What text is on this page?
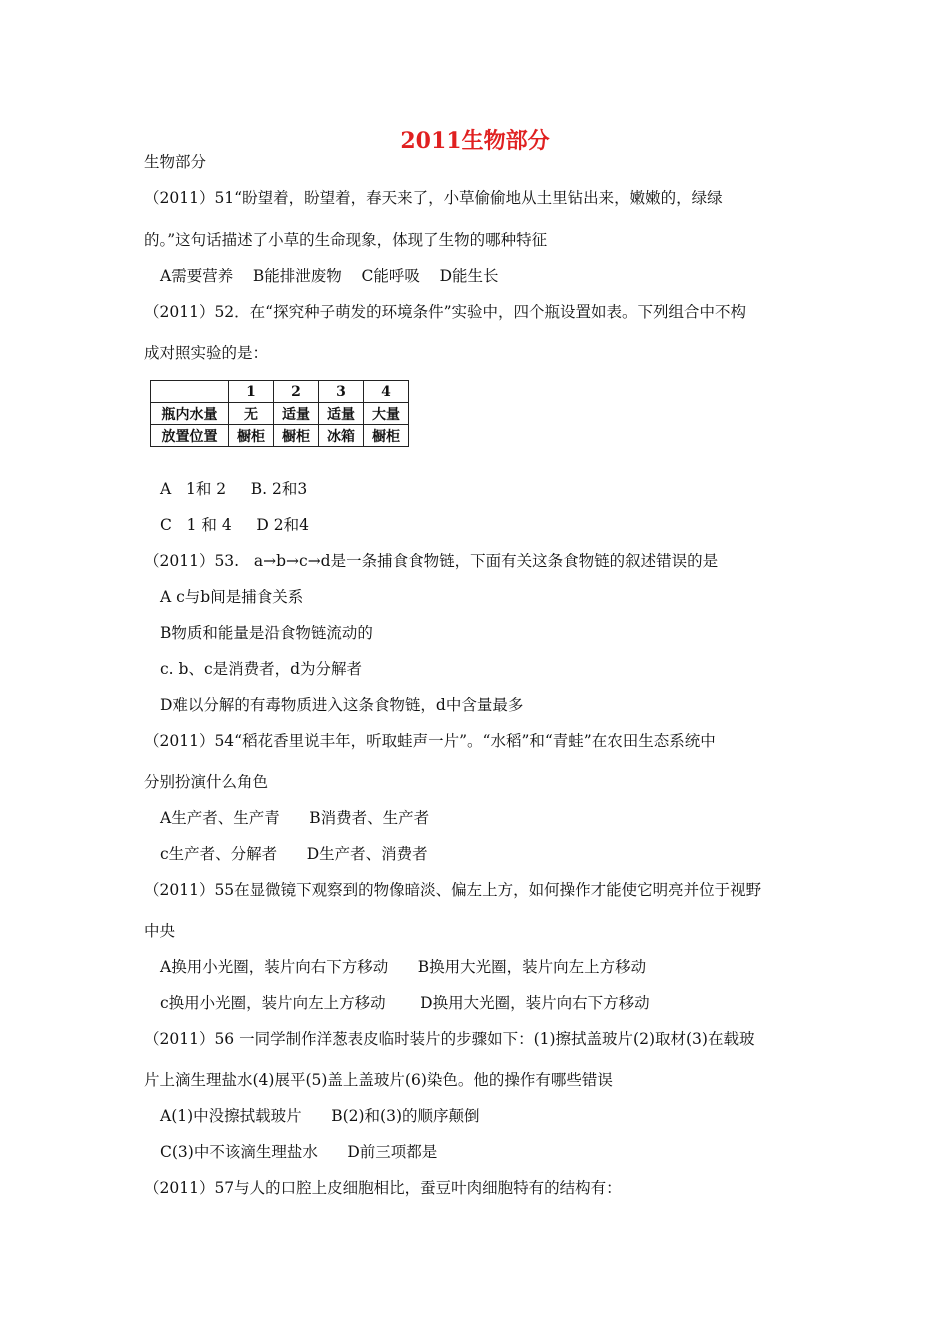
2011生物部分
生物部分
（2011）51“盼望着，盼望着，春天来了，小草偷偷地从土里钻出来，嫩嫩的，绿绿
的。”这句话描述了小草的生命现象，体现了生物的哪种特征
A需要营养    B能排泄废物    C能呼吸    D能生长
（2011）52．在“探究种子萌发的环境条件”实验中，四个瓶设置如表。下列组合中不构
成对照实验的是：
	1	2	3	4
瓶内水量	无	适量	适量	大量
放置位置	橱柜	橱柜	冰箱	橱柜
A   1和 2     B. 2和3
C   1 和 4     D 2和4
（2011）53.   a→b→c→d是一条捕食食物链，下面有关这条食物链的叙述错误的是
A c与b间是捕食关系
B物质和能量是沿食物链流动的
c. b、c是消费者，d为分解者
D难以分解的有毒物质进入这条食物链，d中含量最多
（2011）54“稻花香里说丰年，听取蛙声一片”。“水稻”和“青蛙”在农田生态系统中
分别扮演什么角色
A生产者、生产青      B消费者、生产者
c生产者、分解者      D生产者、消费者
（2011）55在显微镜下观察到的物像暗淡、偏左上方，如何操作才能使它明亮并位于视野
中央
A换用小光圈，装片向右下方移动      B换用大光圈，装片向左上方移动
c换用小光圈，装片向左上方移动       D换用大光圈，装片向右下方移动
（2011）56 一同学制作洋葱表皮临时装片的步骤如下：(1)擦拭盖玻片(2)取材(3)在载玻
片上滴生理盐水(4)展平(5)盖上盖玻片(6)染色。他的操作有哪些错误
A(1)中没擦拭载玻片      B(2)和(3)的顺序颠倒
C(3)中不该滴生理盐水      D前三项都是
（2011）57与人的口腔上皮细胞相比，蚕豆叶肉细胞特有的结构有：
